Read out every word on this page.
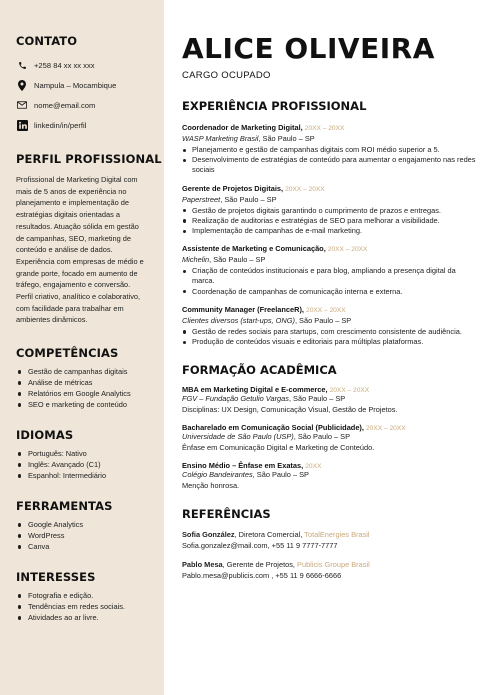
CONTATO
+258 84 xx xx xxx
Nampula – Mocambique
nome@email.com
linkedin/in/perfil
PERFIL PROFISSIONAL
Profissional de Marketing Digital com mais de 5 anos de experiência no planejamento e implementação de estratégias digitais orientadas a resultados. Atuação sólida em gestão de campanhas, SEO, marketing de conteúdo e análise de dados. Experiência com empresas de médio e grande porte, focado em aumento de tráfego, engajamento e conversão. Perfil criativo, analítico e colaborativo, com facilidade para trabalhar em ambientes dinâmicos.
COMPETÊNCIAS
Gestão de campanhas digitais
Análise de métricas
Relatórios em Google Analytics
SEO e marketing de conteúdo
IDIOMAS
Português: Nativo
Inglês: Avançado (C1)
Espanhol: Intermediário
FERRAMENTAS
Google Analytics
WordPress
Canva
INTERESSES
Fotografia e edição.
Tendências em redes sociais.
Atividades ao ar livre.
ALICE OLIVEIRA
CARGO OCUPADO
EXPERIÊNCIA PROFISSIONAL
Coordenador de Marketing Digital, 20XX – 20XX
WASP Marketing Brasil, São Paulo – SP
Planejamento e gestão de campanhas digitais com ROI médio superior a 5.
Desenvolvimento de estratégias de conteúdo para aumentar o engajamento nas redes sociais
Gerente de Projetos Digitais, 20XX – 20XX
Paperstreet, São Paulo – SP
Gestão de projetos digitais garantindo o cumprimento de prazos e entregas.
Realização de auditorias e estratégias de SEO para melhorar a visibilidade.
Implementação de campanhas de e-mail marketing.
Assistente de Marketing e Comunicação, 20XX – 20XX
Michelin, São Paulo – SP
Criação de conteúdos institucionais e para blog, ampliando a presença digital da marca.
Coordenação de campanhas de comunicação interna e externa.
Community Manager (FreelanceR), 20XX – 20XX
Clientes diversos (start-ups, ONG), São Paulo – SP
Gestão de redes sociais para startups, com crescimento consistente de audiência.
Produção de conteúdos visuais e editoriais para múltiplas plataformas.
FORMAÇÃO ACADÊMICA
MBA em Marketing Digital e E-commerce, 20XX – 20XX
FGV – Fundação Getulio Vargas, São Paulo – SP
Disciplinas: UX Design, Comunicação Visual, Gestão de Projetos.
Bacharelado em Comunicação Social (Publicidade), 20XX – 20XX
Universidade de São Paulo (USP), São Paulo – SP
Ênfase em Comunicação Digital e Marketing de Conteúdo.
Ensino Médio – Ênfase em Exatas, 20XX
Colégio Bandeirantes, São Paulo – SP
Menção honrosa.
REFERÊNCIAS
Sofia González, Diretora Comercial, TotalEnergies Brasil
Sofia.gonzalez@mail.com, +55 11 9 7777-7777
Pablo Mesa, Gerente de Projetos, Publicis Groupe Brasil
Pablo.mesa@publicis.com , +55 11 9 6666-6666
